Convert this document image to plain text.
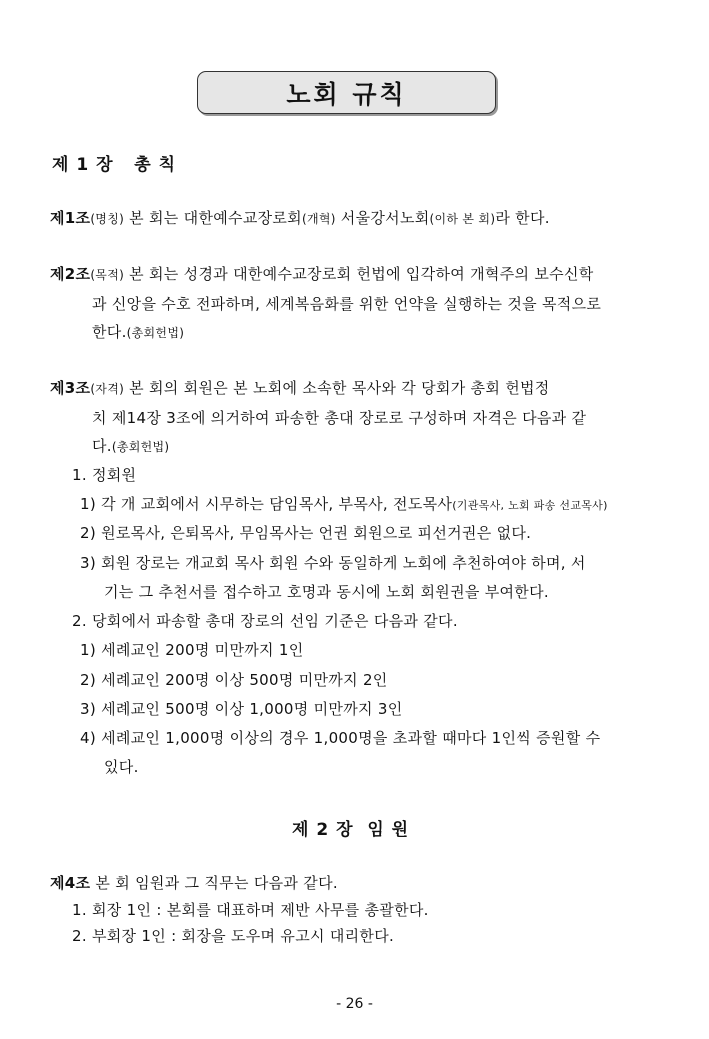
노회 규칙
제 1 장   총 칙
제1조(명칭) 본 회는 대한예수교장로회(개혁) 서울강서노회(이하 본 회)라 한다.
제2조(목적) 본 회는 성경과 대한예수교장로회 헌법에 입각하여 개혁주의 보수신학
과 신앙을 수호 전파하며, 세계복음화를 위한 언약을 실행하는 것을 목적으로
한다.(총회헌법)
제3조(자격) 본 회의 회원은 본 노회에 소속한 목사와 각 당회가 총회 헌법정
치 제14장 3조에 의거하여 파송한 총대 장로로 구성하며 자격은 다음과 같
다.(총회헌법)
1. 정회원
1) 각 개 교회에서 시무하는 담임목사, 부목사, 전도목사(기관목사, 노회 파송 선교목사)
2) 원로목사, 은퇴목사, 무임목사는 언권 회원으로 피선거권은 없다.
3) 회원 장로는 개교회 목사 회원 수와 동일하게 노회에 추천하여야 하며, 서
기는 그 추천서를 접수하고 호명과 동시에 노회 회원권을 부여한다.
2. 당회에서 파송할 총대 장로의 선임 기준은 다음과 같다.
1) 세례교인 200명 미만까지 1인
2) 세례교인 200명 이상 500명 미만까지 2인
3) 세례교인 500명 이상 1,000명 미만까지 3인
4) 세례교인 1,000명 이상의 경우 1,000명을 초과할 때마다 1인씩 증원할 수
있다.
제 2 장  임 원
제4조 본 회 임원과 그 직무는 다음과 같다.
1. 회장 1인 : 본회를 대표하며 제반 사무를 총괄한다.
2. 부회장 1인 : 회장을 도우며 유고시 대리한다.
- 26 -
